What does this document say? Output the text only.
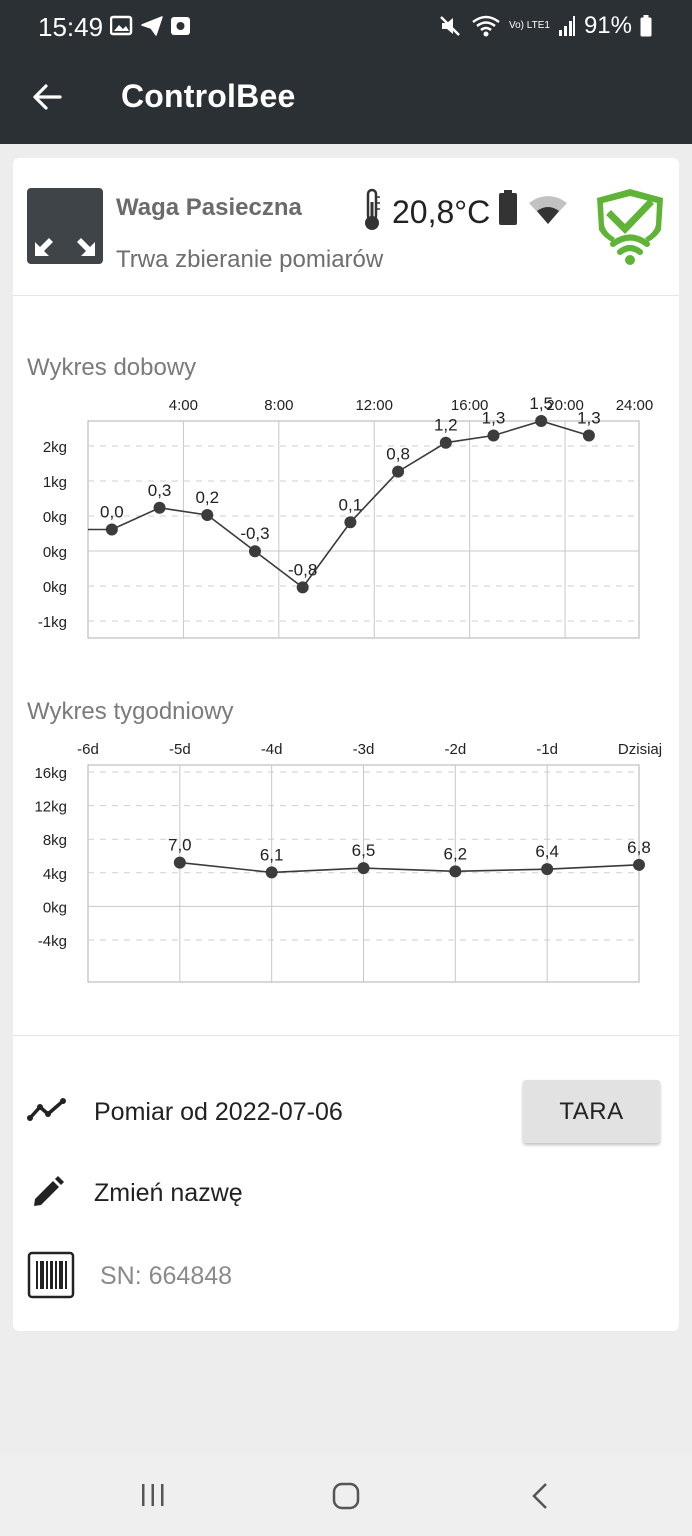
15:49	Vo) LTE1 91%
ControlBee
Waga Pasieczna
Trwa zbieranie pomiarów
20,8°C
Wykres dobowy
2kg
1kg
0kg
0kg
0kg
-1kg
4:00	8:00	12:00	16:00	20:00 24:00
0,0
0,3 0,2
-0,3
-0,8
0,1
0,8
1,2 1,3
1,5
1,3
Wykres tygodniowy
16kg
12kg
8kg
4kg
0kg
-4kg
-6d	-5d	-4d	-3d	-2d	-1d	Dzisiaj
7,0
6,1	6,5	6,2	6,4	6,8
Pomiar od 2022-07-06	TARA
Zmień nazwę
SN: 664848
